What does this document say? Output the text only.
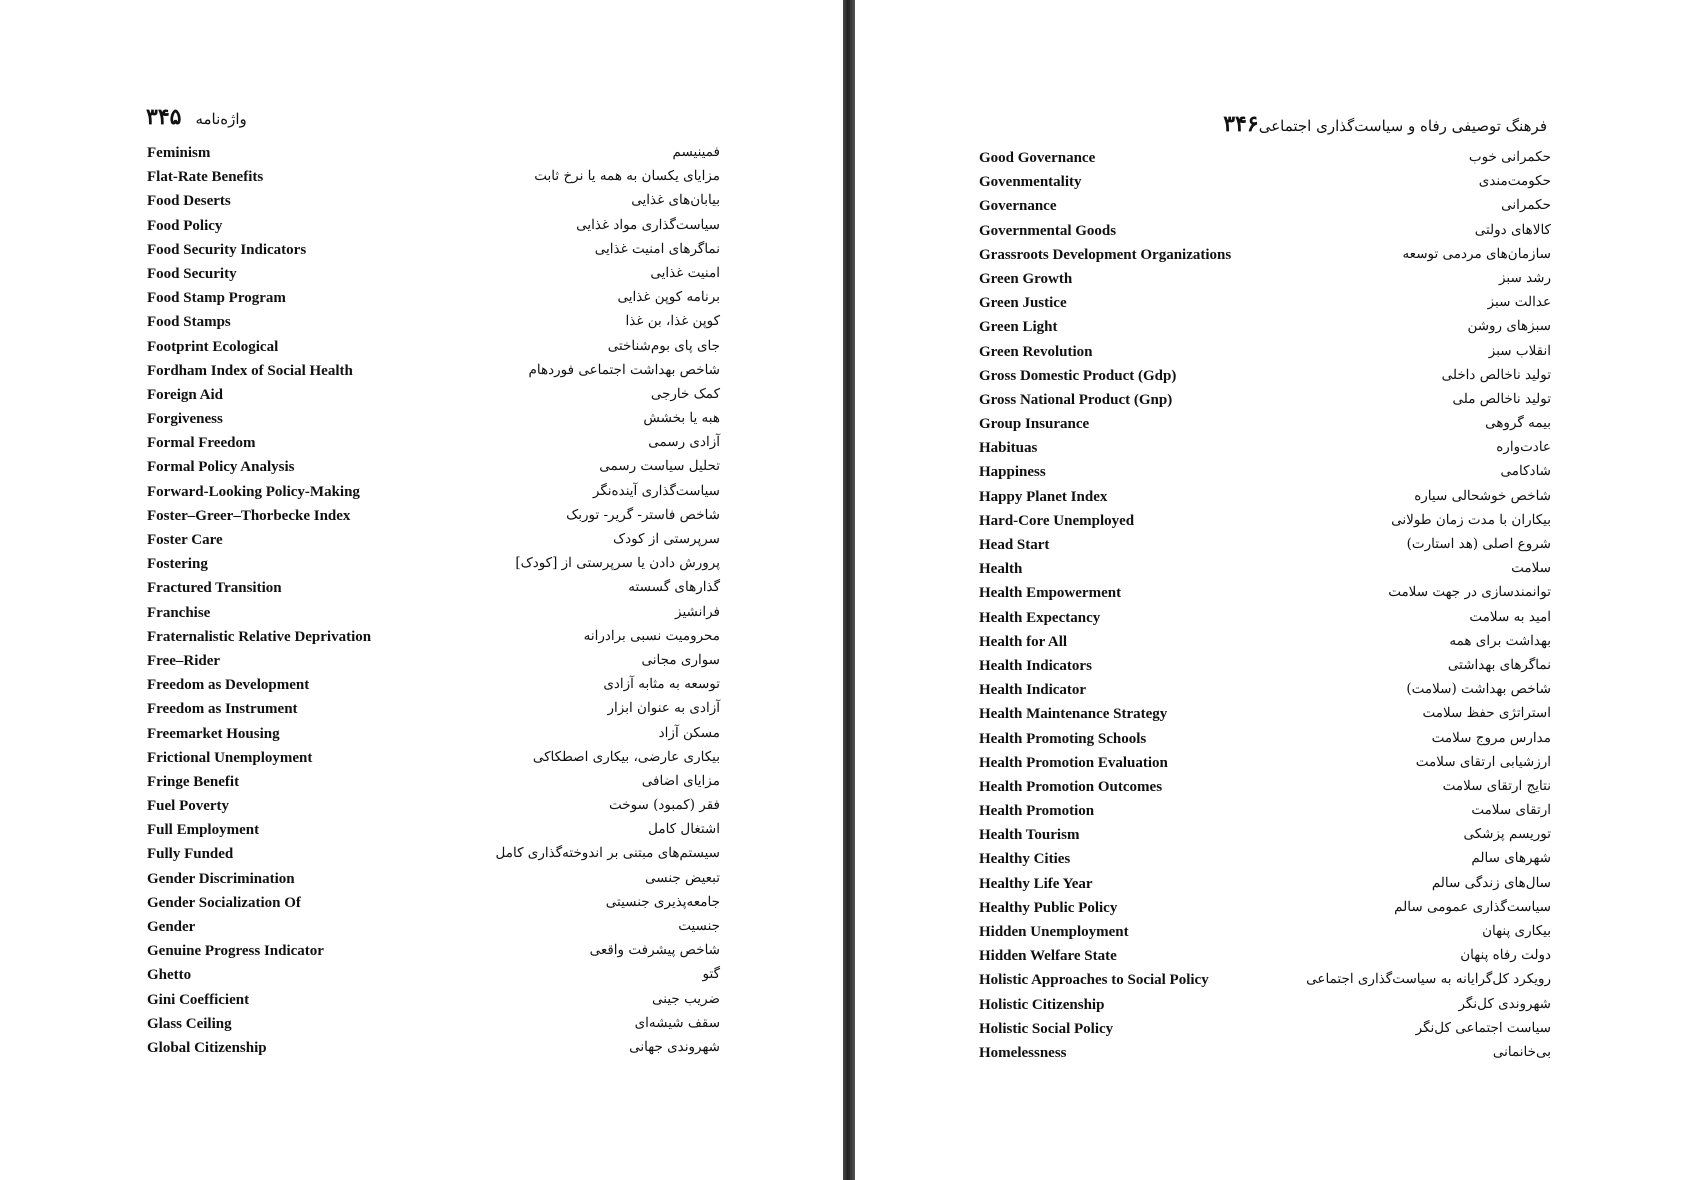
۳۴۵ واژه‌نامه
Feminism	فمینیسم
Flat-Rate Benefits	مزایای یکسان به همه یا نرخ ثابت
Food Deserts	بیابان‌های غذایی
Food Policy	سیاست‌گذاری مواد غذایی
Food Security Indicators	نماگرهای امنیت غذایی
Food Security	امنیت غذایی
Food Stamp Program	برنامه کوپن غذایی
Food Stamps	کوپن غذا، بن غذا
Footprint Ecological	جای پای بوم‌شناختی
Fordham Index of Social Health	شاخص بهداشت اجتماعی فوردهام
Foreign Aid	کمک خارجی
Forgiveness	هبه یا بخشش
Formal Freedom	آزادی رسمی
Formal Policy Analysis	تحلیل سیاست رسمی
Forward-Looking Policy-Making	سیاست‌گذاری آینده‌نگر
Foster–Greer–Thorbecke Index	شاخص فاستر- گریر- توربک
Foster Care	سرپرستی از کودک
Fostering	پرورش دادن یا سرپرستی از [کودک]
Fractured Transition	گذارهای گسسته
Franchise	فرانشیز
Fraternalistic Relative Deprivation	محرومیت نسبی برادرانه
Free–Rider	سواری مجانی
Freedom as Development	توسعه به مثابه آزادی
Freedom as Instrument	آزادی به عنوان ابزار
Freemarket Housing	مسکن آزاد
Frictional Unemployment	بیکاری عارضی، بیکاری اصطکاکی
Fringe Benefit	مزایای اضافی
Fuel Poverty	فقر (کمبود) سوخت
Full Employment	اشتغال کامل
Fully Funded	سیستم‌های مبتنی بر اندوخته‌گذاری کامل
Gender Discrimination	تبعیض جنسی
Gender Socialization Of	جامعه‌پذیری جنسیتی
Gender	جنسیت
Genuine Progress Indicator	شاخص پیشرفت واقعی
Ghetto	گتو
Gini Coefficient	ضریب جینی
Glass Ceiling	سقف شیشه‌ای
Global Citizenship	شهروندی جهانی
فرهنگ توصیفی رفاه و سیاست‌گذاری اجتماعی۳۴۶
Good Governance	حکمرانی خوب
Govenmentality	حکومت‌مندی
Governance	حکمرانی
Governmental Goods	کالاهای دولتی
Grassroots Development Organizations	سازمان‌های مردمی توسعه
Green Growth	رشد سبز
Green Justice	عدالت سبز
Green Light	سبزهای روشن
Green Revolution	انقلاب سبز
Gross Domestic Product (Gdp)	تولید ناخالص داخلی
Gross National Product (Gnp)	تولید ناخالص ملی
Group Insurance	بیمه گروهی
Habituas	عادت‌واره
Happiness	شادکامی
Happy Planet Index	شاخص خوشحالی سیاره
Hard-Core Unemployed	بیکاران با مدت زمان طولانی
Head Start	شروع اصلی (هد استارت)
Health	سلامت
Health Empowerment	توانمندسازی در جهت سلامت
Health Expectancy	امید به سلامت
Health for All	بهداشت برای همه
Health Indicators	نماگرهای بهداشتی
Health Indicator	شاخص بهداشت (سلامت)
Health Maintenance Strategy	استراتژی حفظ سلامت
Health Promoting Schools	مدارس مروج سلامت
Health Promotion Evaluation	ارزشیابی ارتقای سلامت
Health Promotion Outcomes	نتایج ارتقای سلامت
Health Promotion	ارتقای سلامت
Health Tourism	توریسم پزشکی
Healthy Cities	شهرهای سالم
Healthy Life Year	سال‌های زندگی سالم
Healthy Public Policy	سیاست‌گذاری عمومی سالم
Hidden Unemployment	بیکاری پنهان
Hidden Welfare State	دولت رفاه پنهان
Holistic Approaches to Social Policy	رویکرد کل‌گرایانه به سیاست‌گذاری اجتماعی
Holistic Citizenship	شهروندی کل‌نگر
Holistic Social Policy	سیاست اجتماعی کل‌نگر
Homelessness	بی‌خانمانی
